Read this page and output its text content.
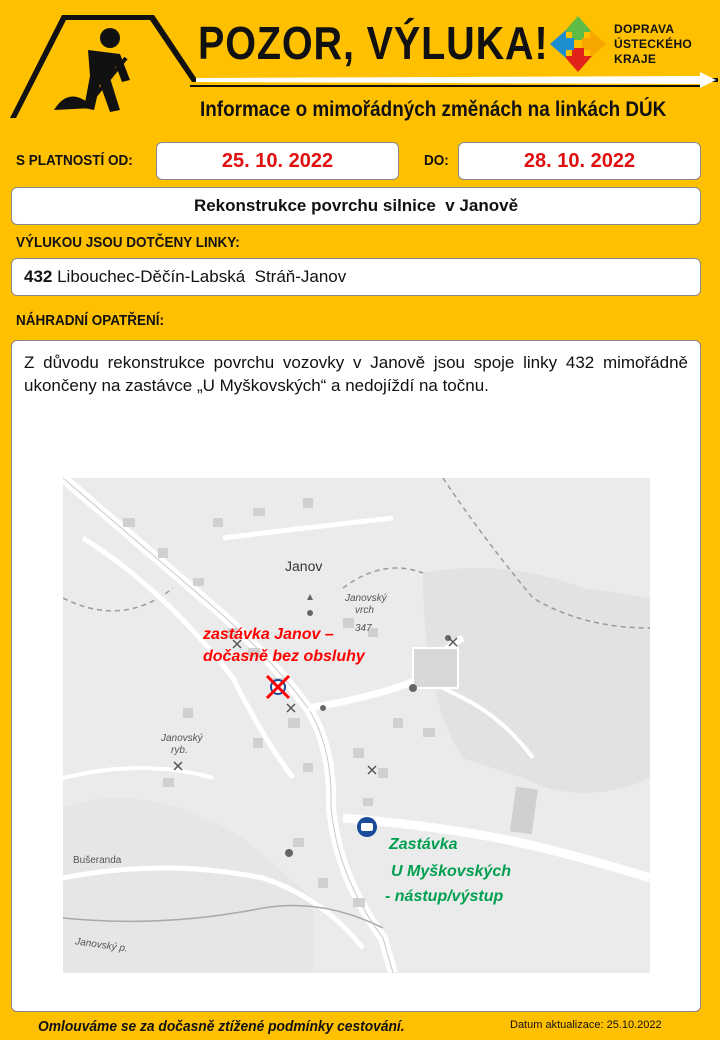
POZOR, VÝLUKA!
Informace o mimořádných změnách na linkách DÚK
DOPRAVA
ÚSTECKÉHO
KRAJE
S PLATNOSTÍ OD:	25. 10. 2022	DO:	28. 10. 2022
Rekonstrukce povrchu silnice  v Janově
VÝLUKOU JSOU DOTČENY LINKY:
432 Libouchec-Děčín-Labská  Stráň-Janov
NÁHRADNÍ OPATŘENÍ:
Z důvodu rekonstrukce povrchu vozovky v Janově jsou spoje linky 432 mimořádně ukončeny na zastávce „U Myškovských“ a nedojíždí na točnu.
Janov
Janovský
vrch
347
Janovský
ryb.
Bušeranda
Janovský p.
zastávka Janov –
dočasně bez obsluhy
Zastávka
U Myškovských
- nástup/výstup
Omlouváme se za dočasně ztížené podmínky cestování.	Datum aktualizace: 25.10.2022
